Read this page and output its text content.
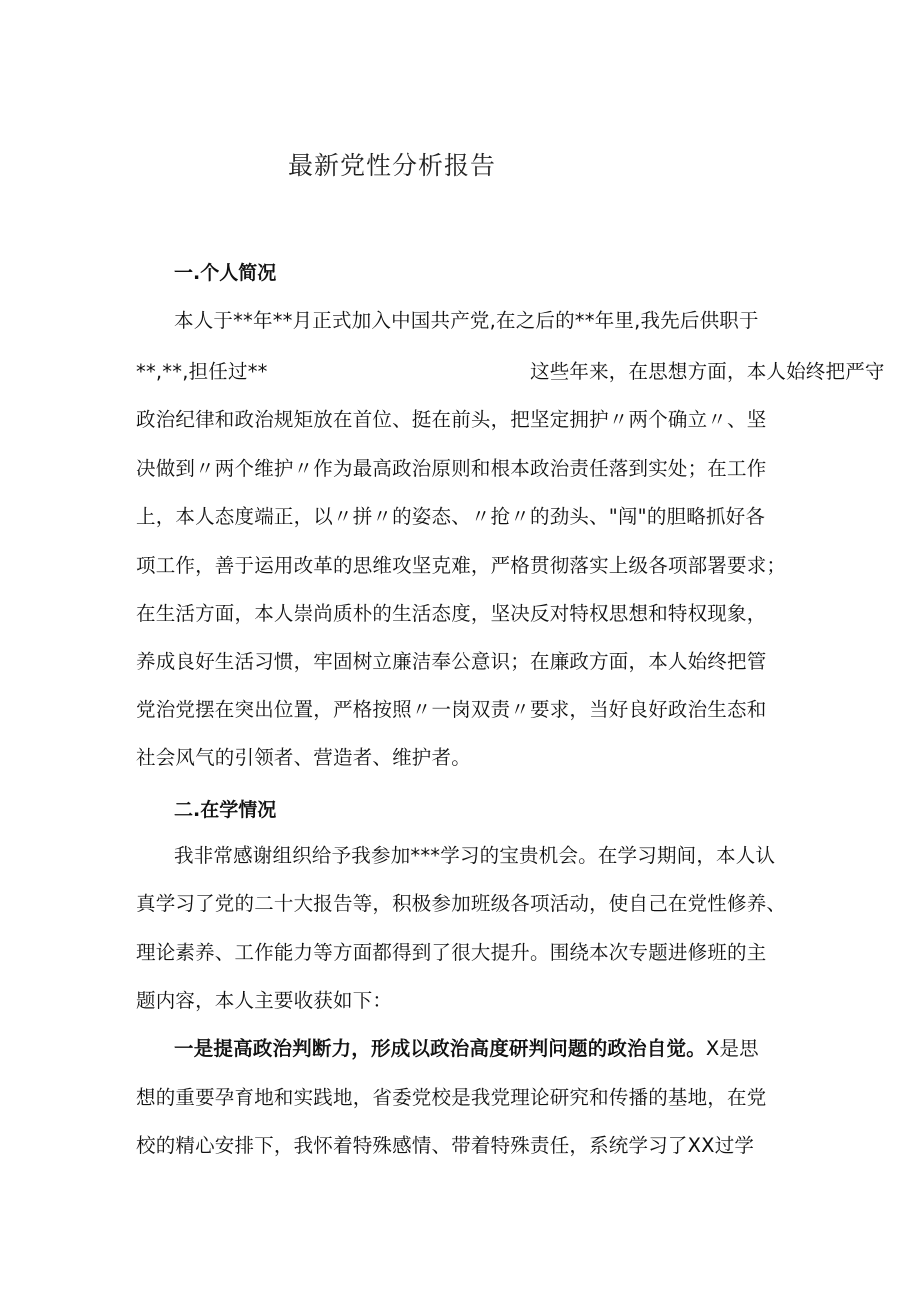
最新党性分析报告
一.个人简况
本人于**年**月正式加入中国共产党,在之后的**年里,我先后供职于
**,**,担任过**	这些年来，在思想方面，本人始终把严守
政治纪律和政治规矩放在首位、挺在前头，把坚定拥护〃两个确立〃、坚
决做到〃两个维护〃作为最高政治原则和根本政治责任落到实处；在工作
上，本人态度端正，以〃拼〃的姿态、〃抢〃的劲头、"闯"的胆略抓好各
项工作，善于运用改革的思维攻坚克难，严格贯彻落实上级各项部署要求；
在生活方面，本人崇尚质朴的生活态度，坚决反对特权思想和特权现象，
养成良好生活习惯，牢固树立廉洁奉公意识；在廉政方面，本人始终把管
党治党摆在突出位置，严格按照〃一岗双责〃要求，当好良好政治生态和
社会风气的引领者、营造者、维护者。
二.在学情况
我非常感谢组织给予我参加***学习的宝贵机会。在学习期间，本人认
真学习了党的二十大报告等，积极参加班级各项活动，使自己在党性修养、
理论素养、工作能力等方面都得到了很大提升。围绕本次专题进修班的主
题内容，本人主要收获如下：
一是提高政治判断力，形成以政治高度研判问题的政治自觉。X是思
想的重要孕育地和实践地，省委党校是我党理论研究和传播的基地，在党
校的精心安排下，我怀着特殊感情、带着特殊责任，系统学习了XX过学
